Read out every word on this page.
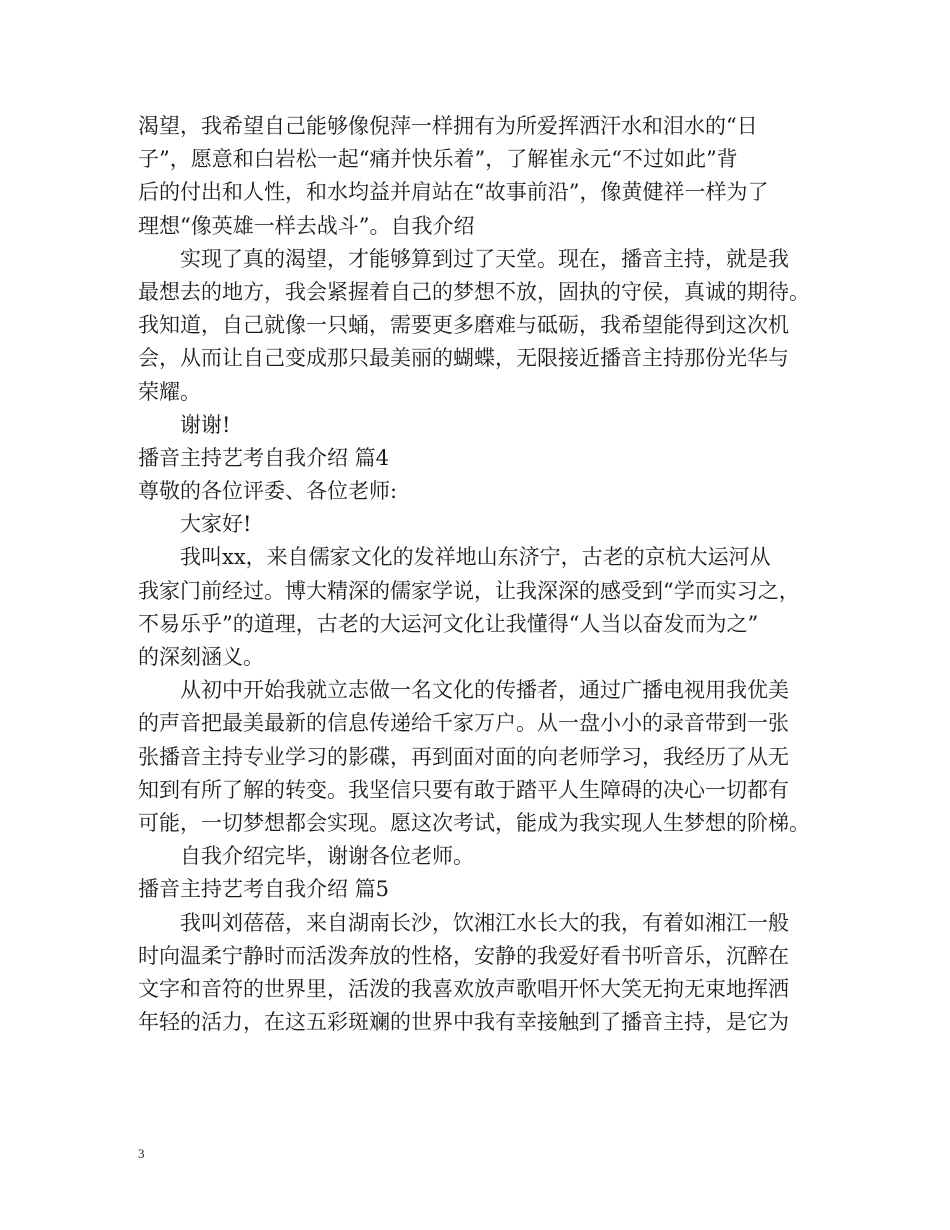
渴望，我希望自己能够像倪萍一样拥有为所爱挥洒汗水和泪水的“日
子”，愿意和白岩松一起“痛并快乐着”，了解崔永元“不过如此”背
后的付出和人性，和水均益并肩站在“故事前沿”，像黄健祥一样为了
理想“像英雄一样去战斗”。自我介绍
实现了真的渴望，才能够算到过了天堂。现在，播音主持，就是我
最想去的地方，我会紧握着自己的梦想不放，固执的守侯，真诚的期待。
我知道，自己就像一只蛹，需要更多磨难与砥砺，我希望能得到这次机
会，从而让自己变成那只最美丽的蝴蝶，无限接近播音主持那份光华与
荣耀。
谢谢!
播音主持艺考自我介绍 篇4
尊敬的各位评委、各位老师:
大家好!
我叫xx，来自儒家文化的发祥地山东济宁，古老的京杭大运河从
我家门前经过。博大精深的儒家学说，让我深深的感受到“学而实习之，
不易乐乎”的道理，古老的大运河文化让我懂得“人当以奋发而为之”
的深刻涵义。
从初中开始我就立志做一名文化的传播者，通过广播电视用我优美
的声音把最美最新的信息传递给千家万户。从一盘小小的录音带到一张
张播音主持专业学习的影碟，再到面对面的向老师学习，我经历了从无
知到有所了解的转变。我坚信只要有敢于踏平人生障碍的决心一切都有
可能，一切梦想都会实现。愿这次考试，能成为我实现人生梦想的阶梯。
自我介绍完毕，谢谢各位老师。
播音主持艺考自我介绍 篇5
我叫刘蓓蓓，来自湖南长沙，饮湘江水长大的我，有着如湘江一般
时向温柔宁静时而活泼奔放的性格，安静的我爱好看书听音乐，沉醉在
文字和音符的世界里，活泼的我喜欢放声歌唱开怀大笑无拘无束地挥洒
年轻的活力，在这五彩斑斓的世界中我有幸接触到了播音主持，是它为
3
